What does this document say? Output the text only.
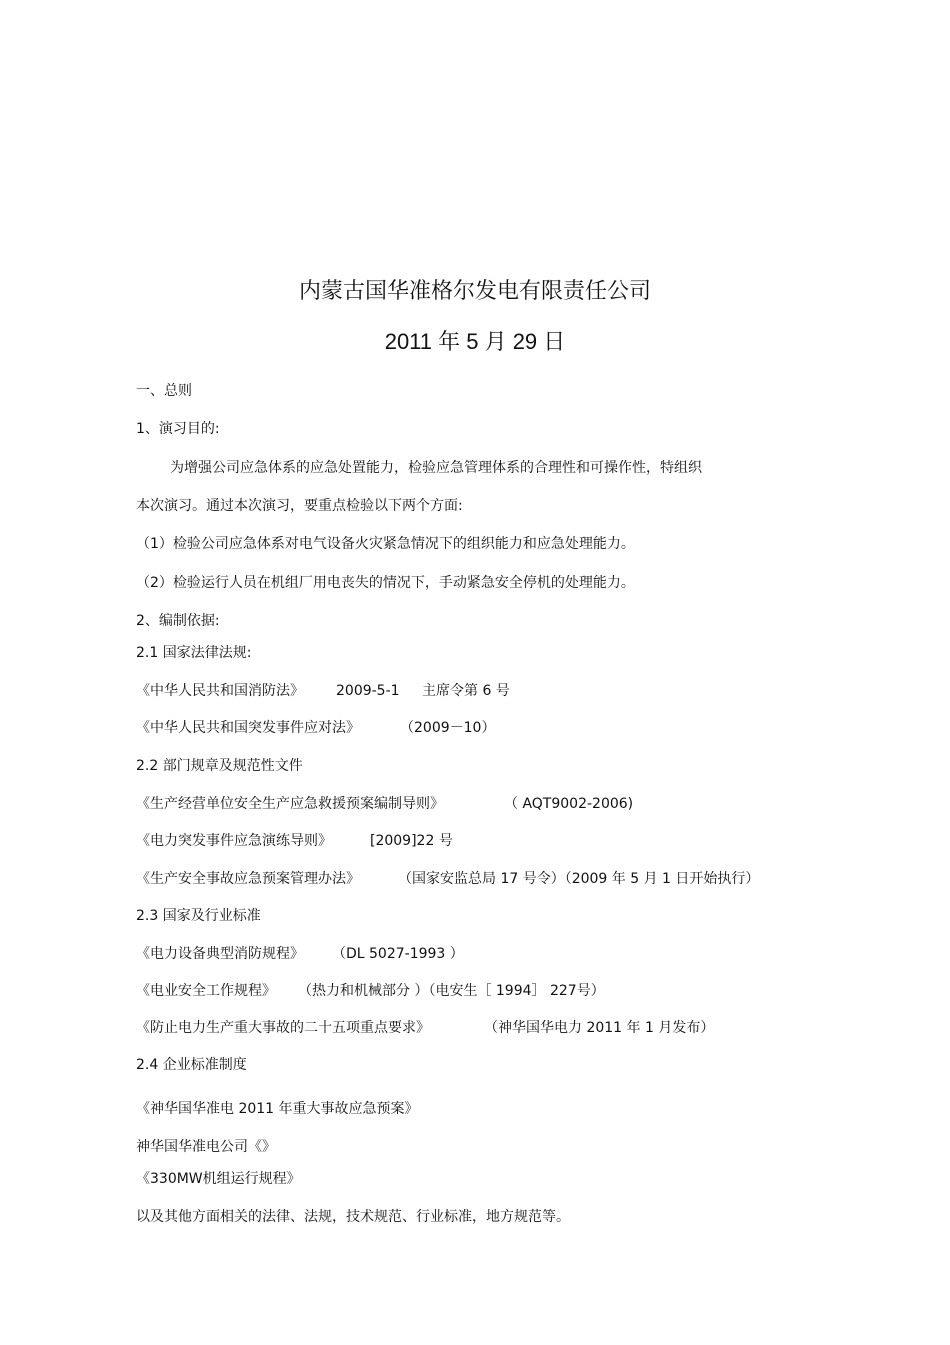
内蒙古国华准格尔发电有限责任公司
2011 年 5 月 29 日
一、总则
1、演习目的:
为增强公司应急体系的应急处置能力，检验应急管理体系的合理性和可操作性，特组织
本次演习。通过本次演习，要重点检验以下两个方面:
（1）检验公司应急体系对电气设备火灾紧急情况下的组织能力和应急处理能力。
（2）检验运行人员在机组厂用电丧失的情况下，手动紧急安全停机的处理能力。
2、编制依据:
2.1 国家法律法规:
《中华人民共和国消防法》 2009-5-1 主席令第 6 号
《中华人民共和国突发事件应对法》	（2009－10）
2.2 部门规章及规范性文件
《生产经营单位安全生产应急救援预案编制导则》	（ AQT9002-2006)
《电力突发事件应急演练导则》	[2009]22 号
《生产安全事故应急预案管理办法》	（国家安监总局 17 号令）（2009 年 5 月 1 日开始执行）
2.3 国家及行业标准
《电力设备典型消防规程》 （DL 5027-1993 ）
《电业安全工作规程》 （热力和机械部分 ）（电安生［ 1994］ 227号）
《防止电力生产重大事故的二十五项重点要求》	（神华国华电力 2011 年 1 月发布）
2.4 企业标准制度
《神华国华准电 2011 年重大事故应急预案》
神华国华准电公司《》
《330MW机组运行规程》
以及其他方面相关的法律、法规，技术规范、行业标准，地方规范等。
